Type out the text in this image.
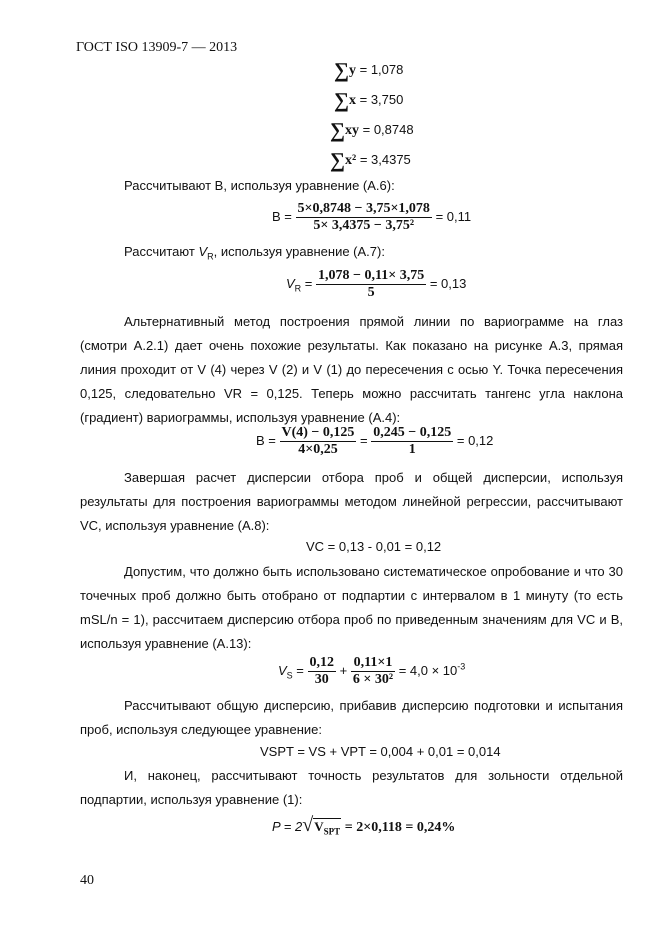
ГОСТ ISO 13909-7 — 2013
∑y = 1,078
∑x = 3,750
∑xy = 0,8748
∑x² = 3,4375
Рассчитывают В, используя уравнение (А.6):
$В = \frac{5\times 0,8748 - 3,75\times 1,078}{\text{5× 3,4375 − 3,75²}} = 0,11$
Рассчитают $V_R$, используя уравнение (А.7):
$V_R = \frac{1,078 - 0,11\times 3,75}{5} = 0,13$
Альтернативный метод построения прямой линии по вариограмме на глаз (смотри А.2.1) дает очень похожие результаты. Как показано на рисунке А.3, прямая линия проходит от V (4) через V (2) и V (1) до пересечения с осью Y. Точка пересечения 0,125, следовательно VR = 0,125. Теперь можно рассчитать тангенс угла наклона (градиент) вариограммы, используя уравнение (А.4):
$В = \frac{V(4) - 0,125}{4\times 0,25} = \frac{0,245 - 0,125}{1} = 0,12$
Завершая расчет дисперсии отбора проб и общей дисперсии, используя результаты для построения вариограммы методом линейной регрессии, рассчитывают VC, используя уравнение (А.8):
VC = 0,13 - 0,01 = 0,12
Допустим, что должно быть использовано систематическое опробование и что 30 точечных проб должно быть отобрано от подпартии с интервалом в 1 минуту (то есть mSL/n = 1), рассчитаем дисперсию отбора проб по приведенным значениям для VC и В, используя уравнение (А.13):
$V_S = \frac{0,12}{30} + \frac{0,11\times 1}{\text{6 × 30²}} = 4,0 \times 10^{-3}$
Рассчитывают общую дисперсию, прибавив дисперсию подготовки и испытания проб, используя следующее уравнение:
VSPT = VS + VPT = 0,004 + 0,01 = 0,014
И, наконец, рассчитывают точность результатов для зольности отдельной подпартии, используя уравнение (1):
$P = 2√V_{SPT} = 2\times 0,118 = 0,24\%$
40
